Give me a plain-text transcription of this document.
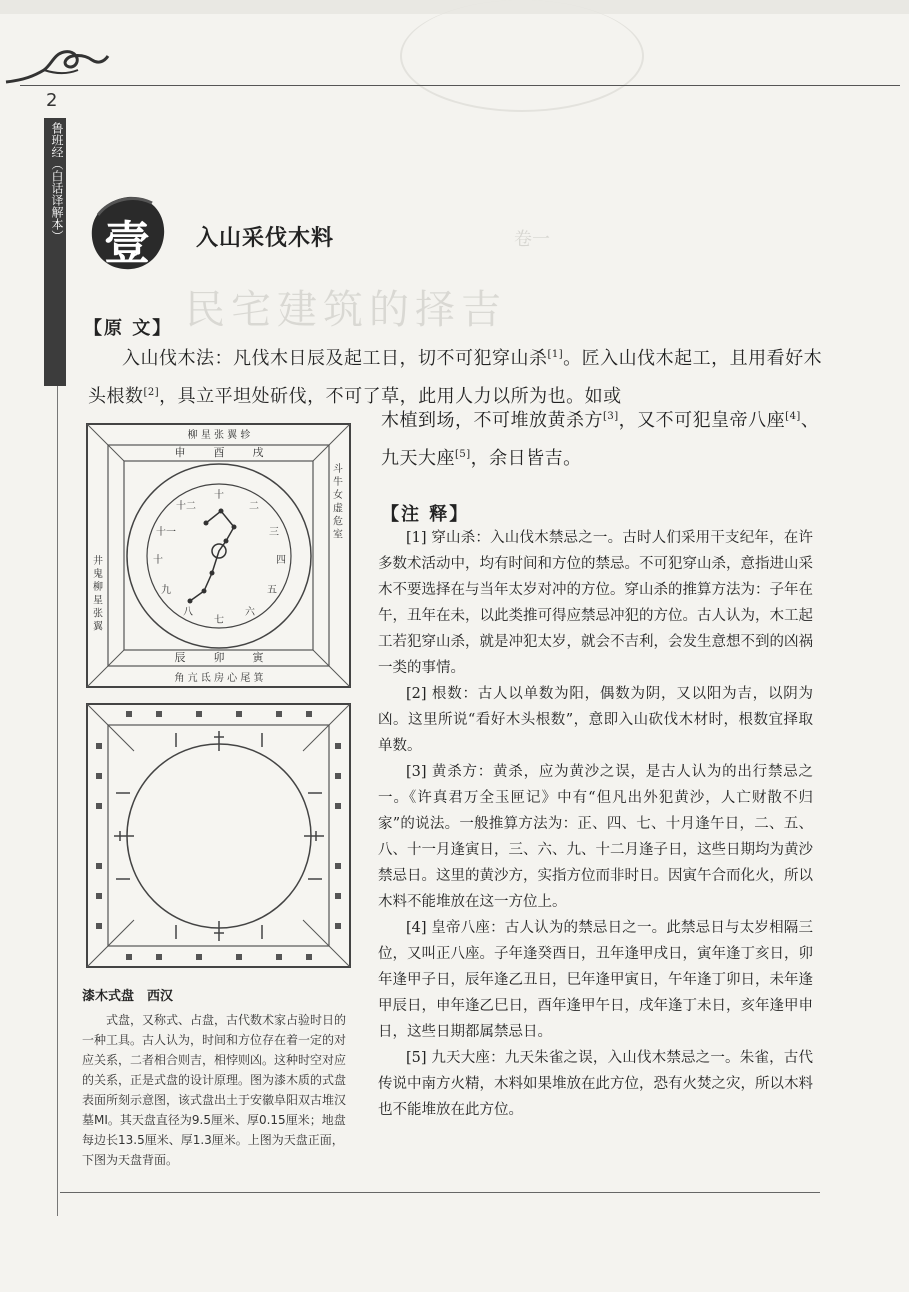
2
鲁班经（白话译解本）
民宅建筑的择吉
卷一
壹 入山采伐木料
【原 文】
入山伐木法：凡伐木日辰及起工日，切不可犯穿山杀[1]。匠入山伐木起工，且用看好木头根数[2]，具立平坦处斫伐，不可了草，此用人力以所为也。如或
木植到场，不可堆放黄杀方[3]，又不可犯皇帝八座[4]、九天大座[5]，余日皆吉。
【注 释】

[1] 穿山杀：入山伐木禁忌之一。古时人们采用干支纪年，在许多数术活动中，均有时间和方位的禁忌。不可犯穿山杀，意指进山采木不要选择在与当年太岁对冲的方位。穿山杀的推算方法为：子年在午，丑年在未，以此类推可得应禁忌冲犯的方位。古人认为，木工起工若犯穿山杀，就是冲犯太岁，就会不吉利，会发生意想不到的凶祸一类的事情。

[2] 根数：古人以单数为阳，偶数为阴，又以阳为吉，以阴为凶。这里所说“看好木头根数”，意即入山砍伐木材时，根数宜择取单数。

[3] 黄杀方：黄杀，应为黄沙之误，是古人认为的出行禁忌之一。《许真君万全玉匣记》中有“但凡出外犯黄沙，人亡财散不归家”的说法。一般推算方法为：正、四、七、十月逢午日，二、五、八、十一月逢寅日，三、六、九、十二月逢子日，这些日期均为黄沙禁忌日。这里的黄沙方，实指方位而非时日。因寅午合而化火，所以木料不能堆放在这一方位上。

[4] 皇帝八座：古人认为的禁忌日之一。此禁忌日与太岁相隔三位，又叫正八座。子年逢癸酉日，丑年逢甲戌日，寅年逢丁亥日，卯年逢甲子日，辰年逢乙丑日，巳年逢甲寅日，午年逢丁卯日，未年逢甲辰日，申年逢乙巳日，酉年逢甲午日，戌年逢丁未日，亥年逢甲申日，这些日期都属禁忌日。

[5] 九天大座：九天朱雀之误，入山伐木禁忌之一。朱雀，古代传说中南方火精，木料如果堆放在此方位，恐有火焚之灾，所以木料也不能堆放在此方位。

柳 星 张 翼 轸
角 亢 氐 房 心 尾 箕
辰	卯	寅
申	酉	戌
井 鬼 柳 星 张 翼
斗 牛 女 虚 危 室
十
二
三
四
五
六
七
八
九
十
十一
十二
漆木式盘　西汉
式盘，又称式、占盘，古代数术家占验时日的一种工具。古人认为，时间和方位存在着一定的对应关系，二者相合则吉，相悖则凶。这种时空对应的关系，正是式盘的设计原理。图为漆木质的式盘表面所刻示意图，该式盘出土于安徽阜阳双古堆汉墓MI。其天盘直径为9.5厘米、厚0.15厘米；地盘每边长13.5厘米、厚1.3厘米。上图为天盘正面，下图为天盘背面。
